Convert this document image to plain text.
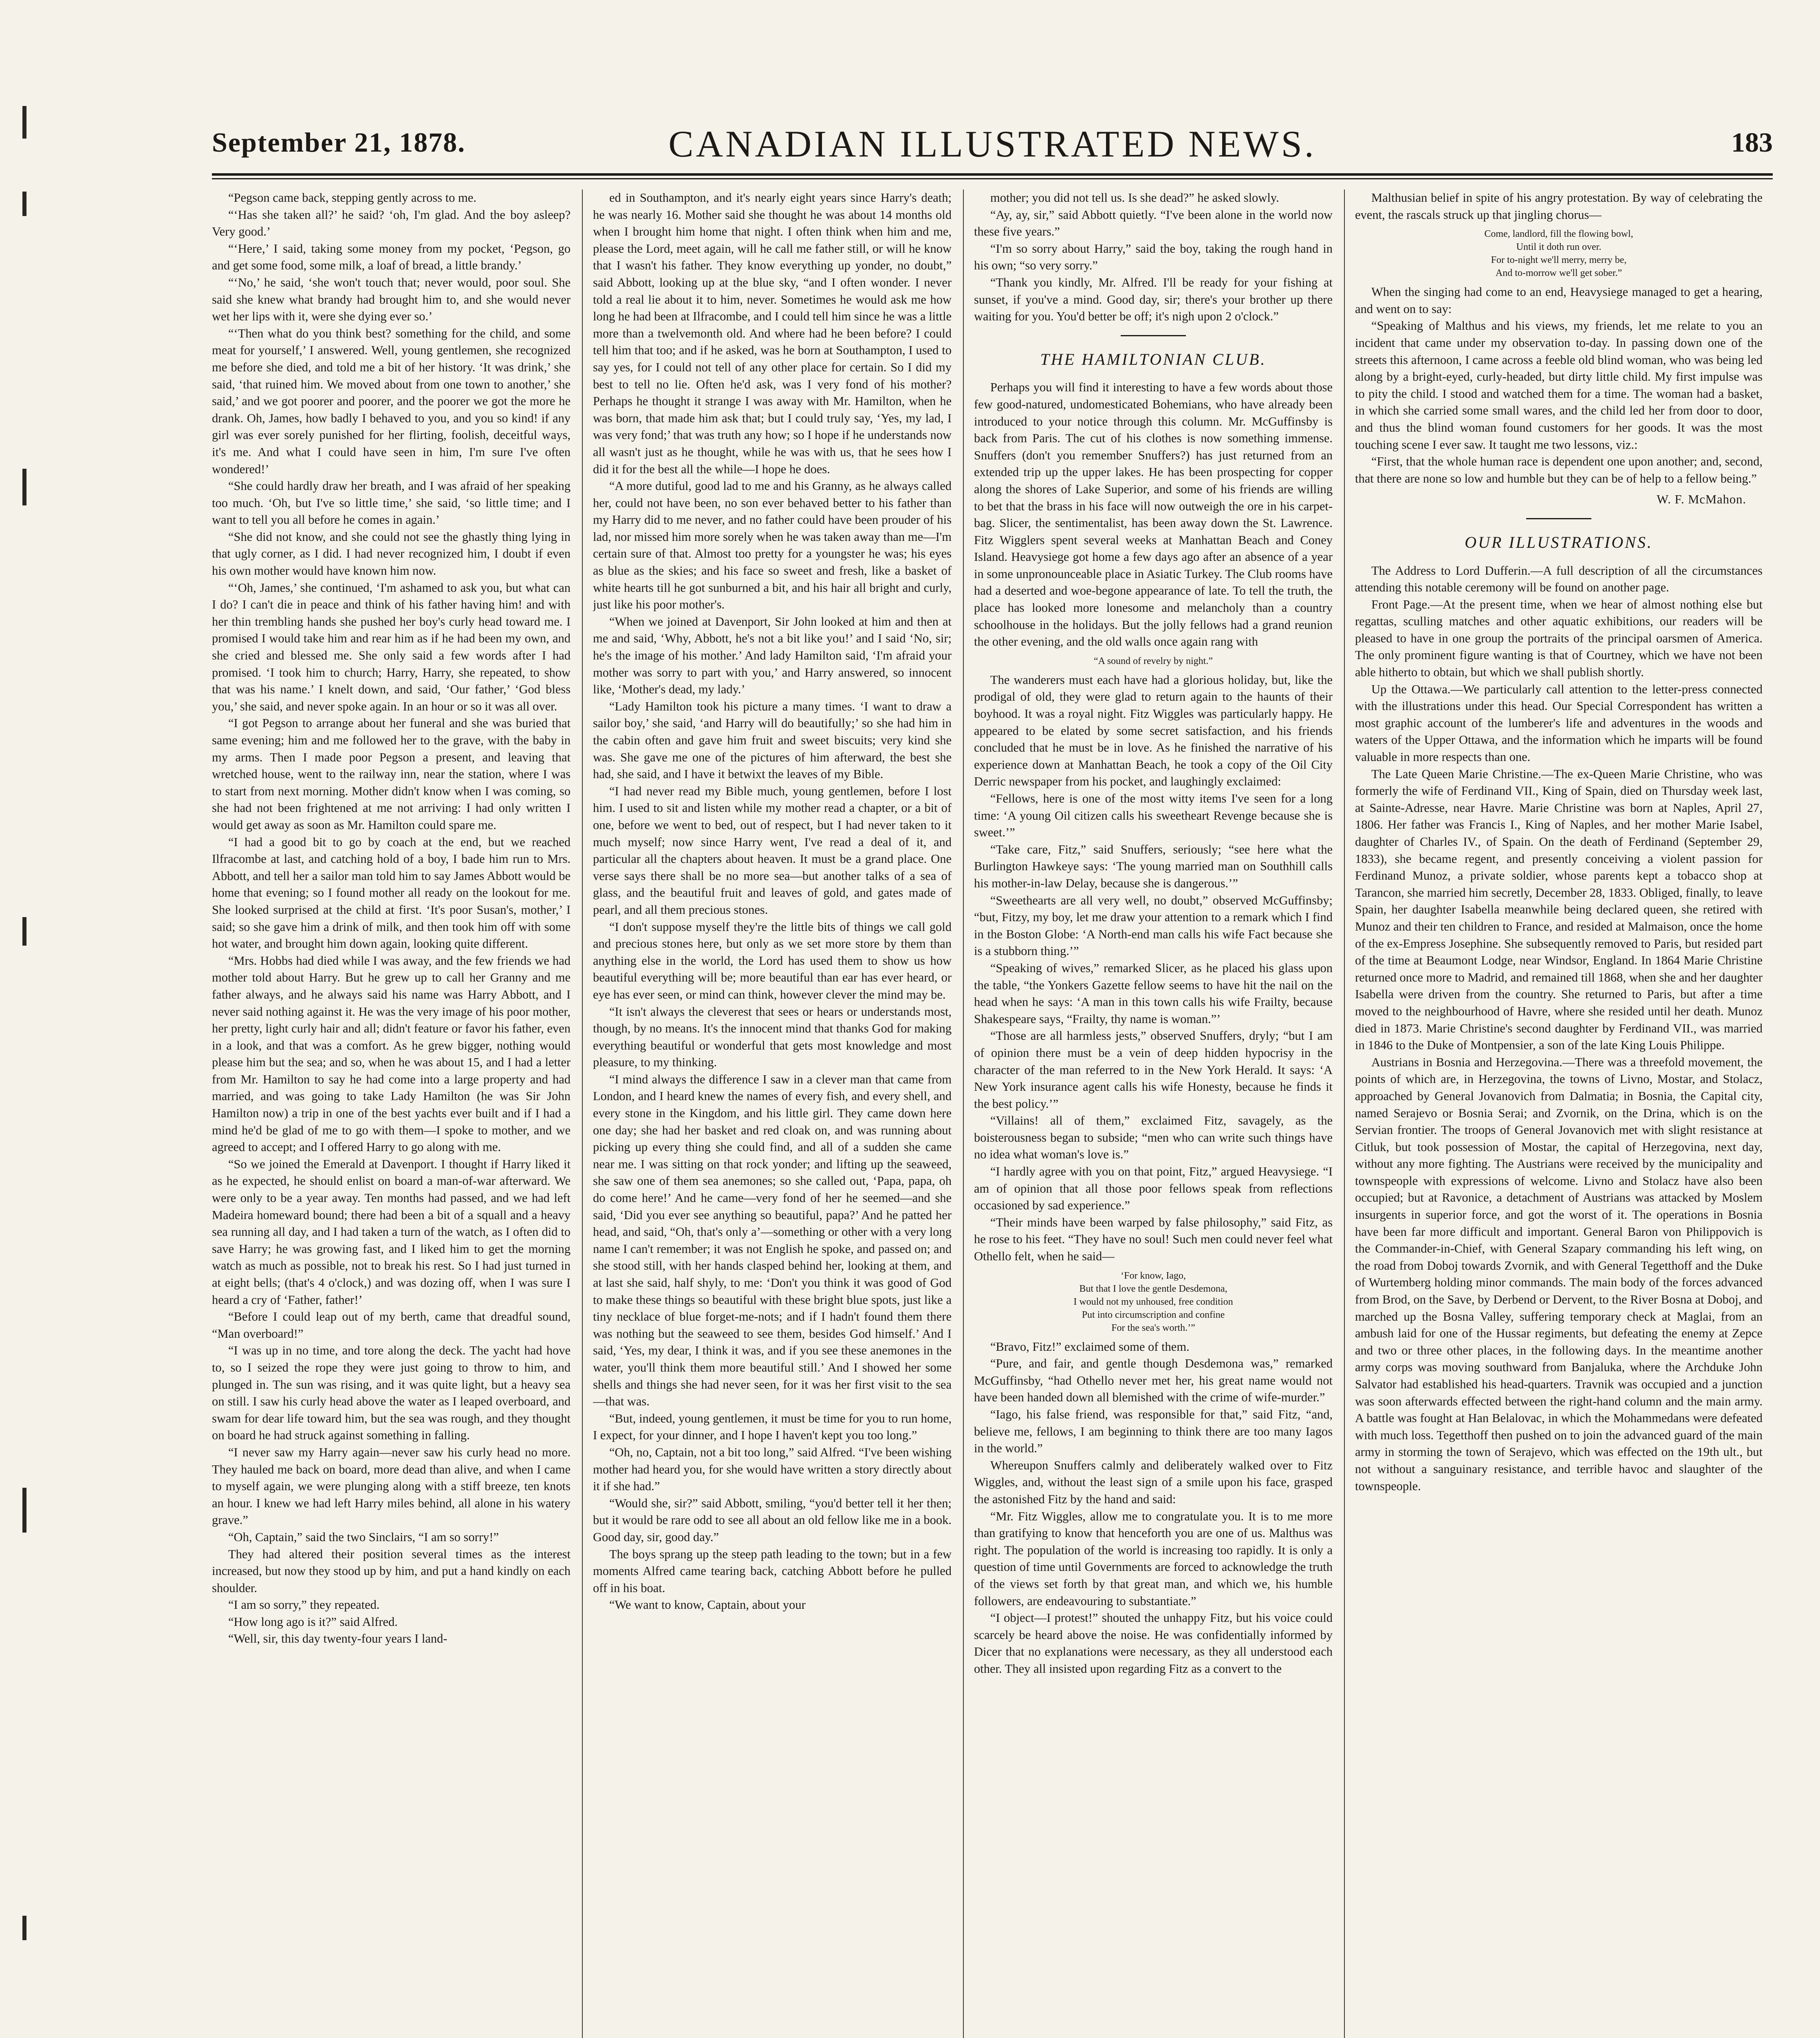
September 21, 1878.	CANADIAN ILLUSTRATED NEWS.	183

“Pegson came back, stepping gently across to me.

“‘Has she taken all?’ he said? ‘oh, I'm glad. And the boy asleep? Very good.’

“‘Here,’ I said, taking some money from my pocket, ‘Pegson, go and get some food, some milk, a loaf of bread, a little brandy.’

“‘No,’ he said, ‘she won't touch that; never would, poor soul. She said she knew what brandy had brought him to, and she would never wet her lips with it, were she dying ever so.’

“‘Then what do you think best? something for the child, and some meat for yourself,’ I answered. Well, young gentlemen, she recognized me before she died, and told me a bit of her history. ‘It was drink,’ she said, ‘that ruined him. We moved about from one town to another,’ she said,’ and we got poorer and poorer, and the poorer we got the more he drank. Oh, James, how badly I behaved to you, and you so kind! if any girl was ever sorely punished for her flirting, foolish, deceitful ways, it's me. And what I could have seen in him, I'm sure I've often wondered!’

“She could hardly draw her breath, and I was afraid of her speaking too much. ‘Oh, but I've so little time,’ she said, ‘so little time; and I want to tell you all before he comes in again.’

“She did not know, and she could not see the ghastly thing lying in that ugly corner, as I did. I had never recognized him, I doubt if even his own mother would have known him now.

“‘Oh, James,’ she continued, ‘I'm ashamed to ask you, but what can I do? I can't die in peace and think of his father having him! and with her thin trembling hands she pushed her boy's curly head toward me. I promised I would take him and rear him as if he had been my own, and she cried and blessed me. She only said a few words after I had promised. ‘I took him to church; Harry, Harry, she repeated, to show that was his name.’ I knelt down, and said, ‘Our father,’ ‘God bless you,’ she said, and never spoke again. In an hour or so it was all over.

“I got Pegson to arrange about her funeral and she was buried that same evening; him and me followed her to the grave, with the baby in my arms. Then I made poor Pegson a present, and leaving that wretched house, went to the railway inn, near the station, where I was to start from next morning. Mother didn't know when I was coming, so she had not been frightened at me not arriving: I had only written I would get away as soon as Mr. Hamilton could spare me.

“I had a good bit to go by coach at the end, but we reached Ilfracombe at last, and catching hold of a boy, I bade him run to Mrs. Abbott, and tell her a sailor man told him to say James Abbott would be home that evening; so I found mother all ready on the lookout for me. She looked surprised at the child at first. ‘It's poor Susan's, mother,’ I said; so she gave him a drink of milk, and then took him off with some hot water, and brought him down again, looking quite different.

“Mrs. Hobbs had died while I was away, and the few friends we had mother told about Harry. But he grew up to call her Granny and me father always, and he always said his name was Harry Abbott, and I never said nothing against it. He was the very image of his poor mother, her pretty, light curly hair and all; didn't feature or favor his father, even in a look, and that was a comfort. As he grew bigger, nothing would please him but the sea; and so, when he was about 15, and I had a letter from Mr. Hamilton to say he had come into a large property and had married, and was going to take Lady Hamilton (he was Sir John Hamilton now) a trip in one of the best yachts ever built and if I had a mind he'd be glad of me to go with them—I spoke to mother, and we agreed to accept; and I offered Harry to go along with me.

“So we joined the Emerald at Davenport. I thought if Harry liked it as he expected, he should enlist on board a man-of-war afterward. We were only to be a year away. Ten months had passed, and we had left Madeira homeward bound; there had been a bit of a squall and a heavy sea running all day, and I had taken a turn of the watch, as I often did to save Harry; he was growing fast, and I liked him to get the morning watch as much as possible, not to break his rest. So I had just turned in at eight bells; (that's 4 o'clock,) and was dozing off, when I was sure I heard a cry of ‘Father, father!’

“Before I could leap out of my berth, came that dreadful sound, “Man overboard!”

“I was up in no time, and tore along the deck. The yacht had hove to, so I seized the rope they were just going to throw to him, and plunged in. The sun was rising, and it was quite light, but a heavy sea on still. I saw his curly head above the water as I leaped overboard, and swam for dear life toward him, but the sea was rough, and they thought on board he had struck against something in falling.

“I never saw my Harry again—never saw his curly head no more. They hauled me back on board, more dead than alive, and when I came to myself again, we were plunging along with a stiff breeze, ten knots an hour. I knew we had left Harry miles behind, all alone in his watery grave.”

“Oh, Captain,” said the two Sinclairs, “I am so sorry!”

They had altered their position several times as the interest increased, but now they stood up by him, and put a hand kindly on each shoulder.

“I am so sorry,” they repeated.

“How long ago is it?” said Alfred.

“Well, sir, this day twenty-four years I land-

ed in Southampton, and it's nearly eight years since Harry's death; he was nearly 16. Mother said she thought he was about 14 months old when I brought him home that night. I often think when him and me, please the Lord, meet again, will he call me father still, or will he know that I wasn't his father. They know everything up yonder, no doubt,” said Abbott, looking up at the blue sky, “and I often wonder. I never told a real lie about it to him, never. Sometimes he would ask me how long he had been at Ilfracombe, and I could tell him since he was a little more than a twelvemonth old. And where had he been before? I could tell him that too; and if he asked, was he born at Southampton, I used to say yes, for I could not tell of any other place for certain. So I did my best to tell no lie. Often he'd ask, was I very fond of his mother? Perhaps he thought it strange I was away with Mr. Hamilton, when he was born, that made him ask that; but I could truly say, ‘Yes, my lad, I was very fond;’ that was truth any how; so I hope if he understands now all wasn't just as he thought, while he was with us, that he sees how I did it for the best all the while—I hope he does.

“A more dutiful, good lad to me and his Granny, as he always called her, could not have been, no son ever behaved better to his father than my Harry did to me never, and no father could have been prouder of his lad, nor missed him more sorely when he was taken away than me—I'm certain sure of that. Almost too pretty for a youngster he was; his eyes as blue as the skies; and his face so sweet and fresh, like a basket of white hearts till he got sunburned a bit, and his hair all bright and curly, just like his poor mother's.

“When we joined at Davenport, Sir John looked at him and then at me and said, ‘Why, Abbott, he's not a bit like you!’ and I said ‘No, sir; he's the image of his mother.’ And lady Hamilton said, ‘I'm afraid your mother was sorry to part with you,’ and Harry answered, so innocent like, ‘Mother's dead, my lady.’

“Lady Hamilton took his picture a many times. ‘I want to draw a sailor boy,’ she said, ‘and Harry will do beautifully;’ so she had him in the cabin often and gave him fruit and sweet biscuits; very kind she was. She gave me one of the pictures of him afterward, the best she had, she said, and I have it betwixt the leaves of my Bible.

“I had never read my Bible much, young gentlemen, before I lost him. I used to sit and listen while my mother read a chapter, or a bit of one, before we went to bed, out of respect, but I had never taken to it much myself; now since Harry went, I've read a deal of it, and particular all the chapters about heaven. It must be a grand place. One verse says there shall be no more sea—but another talks of a sea of glass, and the beautiful fruit and leaves of gold, and gates made of pearl, and all them precious stones.

“I don't suppose myself they're the little bits of things we call gold and precious stones here, but only as we set more store by them than anything else in the world, the Lord has used them to show us how beautiful everything will be; more beautiful than ear has ever heard, or eye has ever seen, or mind can think, however clever the mind may be.

“It isn't always the cleverest that sees or hears or understands most, though, by no means. It's the innocent mind that thanks God for making everything beautiful or wonderful that gets most knowledge and most pleasure, to my thinking.

“I mind always the difference I saw in a clever man that came from London, and I heard knew the names of every fish, and every shell, and every stone in the Kingdom, and his little girl. They came down here one day; she had her basket and red cloak on, and was running about picking up every thing she could find, and all of a sudden she came near me. I was sitting on that rock yonder; and lifting up the seaweed, she saw one of them sea anemones; so she called out, ‘Papa, papa, oh do come here!’ And he came—very fond of her he seemed—and she said, ‘Did you ever see anything so beautiful, papa?’ And he patted her head, and said, “Oh, that's only a’—something or other with a very long name I can't remember; it was not English he spoke, and passed on; and she stood still, with her hands clasped behind her, looking at them, and at last she said, half shyly, to me: ‘Don't you think it was good of God to make these things so beautiful with these bright blue spots, just like a tiny necklace of blue forget-me-nots; and if I hadn't found them there was nothing but the seaweed to see them, besides God himself.’ And I said, ‘Yes, my dear, I think it was, and if you see these anemones in the water, you'll think them more beautiful still.’ And I showed her some shells and things she had never seen, for it was her first visit to the sea—that was.

“But, indeed, young gentlemen, it must be time for you to run home, I expect, for your dinner, and I hope I haven't kept you too long.”

“Oh, no, Captain, not a bit too long,” said Alfred. “I've been wishing mother had heard you, for she would have written a story directly about it if she had.”

“Would she, sir?” said Abbott, smiling, “you'd better tell it her then; but it would be rare odd to see all about an old fellow like me in a book. Good day, sir, good day.”

The boys sprang up the steep path leading to the town; but in a few moments Alfred came tearing back, catching Abbott before he pulled off in his boat.

“We want to know, Captain, about your

mother; you did not tell us. Is she dead?” he asked slowly.

“Ay, ay, sir,” said Abbott quietly. “I've been alone in the world now these five years.”

“I'm so sorry about Harry,” said the boy, taking the rough hand in his own; “so very sorry.”

“Thank you kindly, Mr. Alfred. I'll be ready for your fishing at sunset, if you've a mind. Good day, sir; there's your brother up there waiting for you. You'd better be off; it's nigh upon 2 o'clock.”

THE HAMILTONIAN CLUB.

Perhaps you will find it interesting to have a few words about those few good-natured, undomesticated Bohemians, who have already been introduced to your notice through this column. Mr. McGuffinsby is back from Paris. The cut of his clothes is now something immense. Snuffers (don't you remember Snuffers?) has just returned from an extended trip up the upper lakes. He has been prospecting for copper along the shores of Lake Superior, and some of his friends are willing to bet that the brass in his face will now outweigh the ore in his carpet-bag. Slicer, the sentimentalist, has been away down the St. Lawrence. Fitz Wigglers spent several weeks at Manhattan Beach and Coney Island. Heavysiege got home a few days ago after an absence of a year in some unpronounceable place in Asiatic Turkey. The Club rooms have had a deserted and woe-begone appearance of late. To tell the truth, the place has looked more lonesome and melancholy than a country schoolhouse in the holidays. But the jolly fellows had a grand reunion the other evening, and the old walls once again rang with

“A sound of revelry by night.”

The wanderers must each have had a glorious holiday, but, like the prodigal of old, they were glad to return again to the haunts of their boyhood. It was a royal night. Fitz Wiggles was particularly happy. He appeared to be elated by some secret satisfaction, and his friends concluded that he must be in love. As he finished the narrative of his experience down at Manhattan Beach, he took a copy of the Oil City Derric newspaper from his pocket, and laughingly exclaimed:

“Fellows, here is one of the most witty items I've seen for a long time: ‘A young Oil citizen calls his sweetheart Revenge because she is sweet.’”

“Take care, Fitz,” said Snuffers, seriously; “see here what the Burlington Hawkeye says: ‘The young married man on Southhill calls his mother-in-law Delay, because she is dangerous.’”

“Sweethearts are all very well, no doubt,” observed McGuffinsby; “but, Fitzy, my boy, let me draw your attention to a remark which I find in the Boston Globe: ‘A North-end man calls his wife Fact because she is a stubborn thing.’”

“Speaking of wives,” remarked Slicer, as he placed his glass upon the table, “the Yonkers Gazette fellow seems to have hit the nail on the head when he says: ‘A man in this town calls his wife Frailty, because Shakespeare says, “Frailty, thy name is woman.”’

“Those are all harmless jests,” observed Snuffers, dryly; “but I am of opinion there must be a vein of deep hidden hypocrisy in the character of the man referred to in the New York Herald. It says: ‘A New York insurance agent calls his wife Honesty, because he finds it the best policy.’”

“Villains! all of them,” exclaimed Fitz, savagely, as the boisterousness began to subside; “men who can write such things have no idea what woman's love is.”

“I hardly agree with you on that point, Fitz,” argued Heavysiege. “I am of opinion that all those poor fellows speak from reflections occasioned by sad experience.”

“Their minds have been warped by false philosophy,” said Fitz, as he rose to his feet. “They have no soul! Such men could never feel what Othello felt, when he said—

‘For know, Iago,
But that I love the gentle Desdemona,
I would not my unhoused, free condition
Put into circumscription and confine
For the sea's worth.’”

“Bravo, Fitz!” exclaimed some of them.

“Pure, and fair, and gentle though Desdemona was,” remarked McGuffinsby, “had Othello never met her, his great name would not have been handed down all blemished with the crime of wife-murder.”

“Iago, his false friend, was responsible for that,” said Fitz, “and, believe me, fellows, I am beginning to think there are too many Iagos in the world.”

Whereupon Snuffers calmly and deliberately walked over to Fitz Wiggles, and, without the least sign of a smile upon his face, grasped the astonished Fitz by the hand and said:

“Mr. Fitz Wiggles, allow me to congratulate you. It is to me more than gratifying to know that henceforth you are one of us. Malthus was right. The population of the world is increasing too rapidly. It is only a question of time until Governments are forced to acknowledge the truth of the views set forth by that great man, and which we, his humble followers, are endeavouring to substantiate.”

“I object—I protest!” shouted the unhappy Fitz, but his voice could scarcely be heard above the noise. He was confidentially informed by Dicer that no explanations were necessary, as they all understood each other. They all insisted upon regarding Fitz as a convert to the

Malthusian belief in spite of his angry protestation. By way of celebrating the event, the rascals struck up that jingling chorus—

Come, landlord, fill the flowing bowl,
Until it doth run over.
For to-night we'll merry, merry be,
And to-morrow we'll get sober.”

When the singing had come to an end, Heavysiege managed to get a hearing, and went on to say:

“Speaking of Malthus and his views, my friends, let me relate to you an incident that came under my observation to-day. In passing down one of the streets this afternoon, I came across a feeble old blind woman, who was being led along by a bright-eyed, curly-headed, but dirty little child. My first impulse was to pity the child. I stood and watched them for a time. The woman had a basket, in which she carried some small wares, and the child led her from door to door, and thus the blind woman found customers for her goods. It was the most touching scene I ever saw. It taught me two lessons, viz.:

“First, that the whole human race is dependent one upon another; and, second, that there are none so low and humble but they can be of help to a fellow being.”

W. F. McMahon.
OUR ILLUSTRATIONS.

The Address to Lord Dufferin.—A full description of all the circumstances attending this notable ceremony will be found on another page.

Front Page.—At the present time, when we hear of almost nothing else but regattas, sculling matches and other aquatic exhibitions, our readers will be pleased to have in one group the portraits of the principal oarsmen of America. The only prominent figure wanting is that of Courtney, which we have not been able hitherto to obtain, but which we shall publish shortly.

Up the Ottawa.—We particularly call attention to the letter-press connected with the illustrations under this head. Our Special Correspondent has written a most graphic account of the lumberer's life and adventures in the woods and waters of the Upper Ottawa, and the information which he imparts will be found valuable in more respects than one.

The Late Queen Marie Christine.—The ex-Queen Marie Christine, who was formerly the wife of Ferdinand VII., King of Spain, died on Thursday week last, at Sainte-Adresse, near Havre. Marie Christine was born at Naples, April 27, 1806. Her father was Francis I., King of Naples, and her mother Marie Isabel, daughter of Charles IV., of Spain. On the death of Ferdinand (September 29, 1833), she became regent, and presently conceiving a violent passion for Ferdinand Munoz, a private soldier, whose parents kept a tobacco shop at Tarancon, she married him secretly, December 28, 1833. Obliged, finally, to leave Spain, her daughter Isabella meanwhile being declared queen, she retired with Munoz and their ten children to France, and resided at Malmaison, once the home of the ex-Empress Josephine. She subsequently removed to Paris, but resided part of the time at Beaumont Lodge, near Windsor, England. In 1864 Marie Christine returned once more to Madrid, and remained till 1868, when she and her daughter Isabella were driven from the country. She returned to Paris, but after a time moved to the neighbourhood of Havre, where she resided until her death. Munoz died in 1873. Marie Christine's second daughter by Ferdinand VII., was married in 1846 to the Duke of Montpensier, a son of the late King Louis Philippe.

Austrians in Bosnia and Herzegovina.—There was a threefold movement, the points of which are, in Herzegovina, the towns of Livno, Mostar, and Stolacz, approached by General Jovanovich from Dalmatia; in Bosnia, the Capital city, named Serajevo or Bosnia Serai; and Zvornik, on the Drina, which is on the Servian frontier. The troops of General Jovanovich met with slight resistance at Citluk, but took possession of Mostar, the capital of Herzegovina, next day, without any more fighting. The Austrians were received by the municipality and townspeople with expressions of welcome. Livno and Stolacz have also been occupied; but at Ravonice, a detachment of Austrians was attacked by Moslem insurgents in superior force, and got the worst of it. The operations in Bosnia have been far more difficult and important. General Baron von Philippovich is the Commander-in-Chief, with General Szapary commanding his left wing, on the road from Doboj towards Zvornik, and with General Tegetthoff and the Duke of Wurtemberg holding minor commands. The main body of the forces advanced from Brod, on the Save, by Derbend or Dervent, to the River Bosna at Doboj, and marched up the Bosna Valley, suffering temporary check at Maglai, from an ambush laid for one of the Hussar regiments, but defeating the enemy at Zepce and two or three other places, in the following days. In the meantime another army corps was moving southward from Banjaluka, where the Archduke John Salvator had established his head-quarters. Travnik was occupied and a junction was soon afterwards effected between the right-hand column and the main army. A battle was fought at Han Belalovac, in which the Mohammedans were defeated with much loss. Tegetthoff then pushed on to join the advanced guard of the main army in storming the town of Serajevo, which was effected on the 19th ult., but not without a sanguinary resistance, and terrible havoc and slaughter of the townspeople.
